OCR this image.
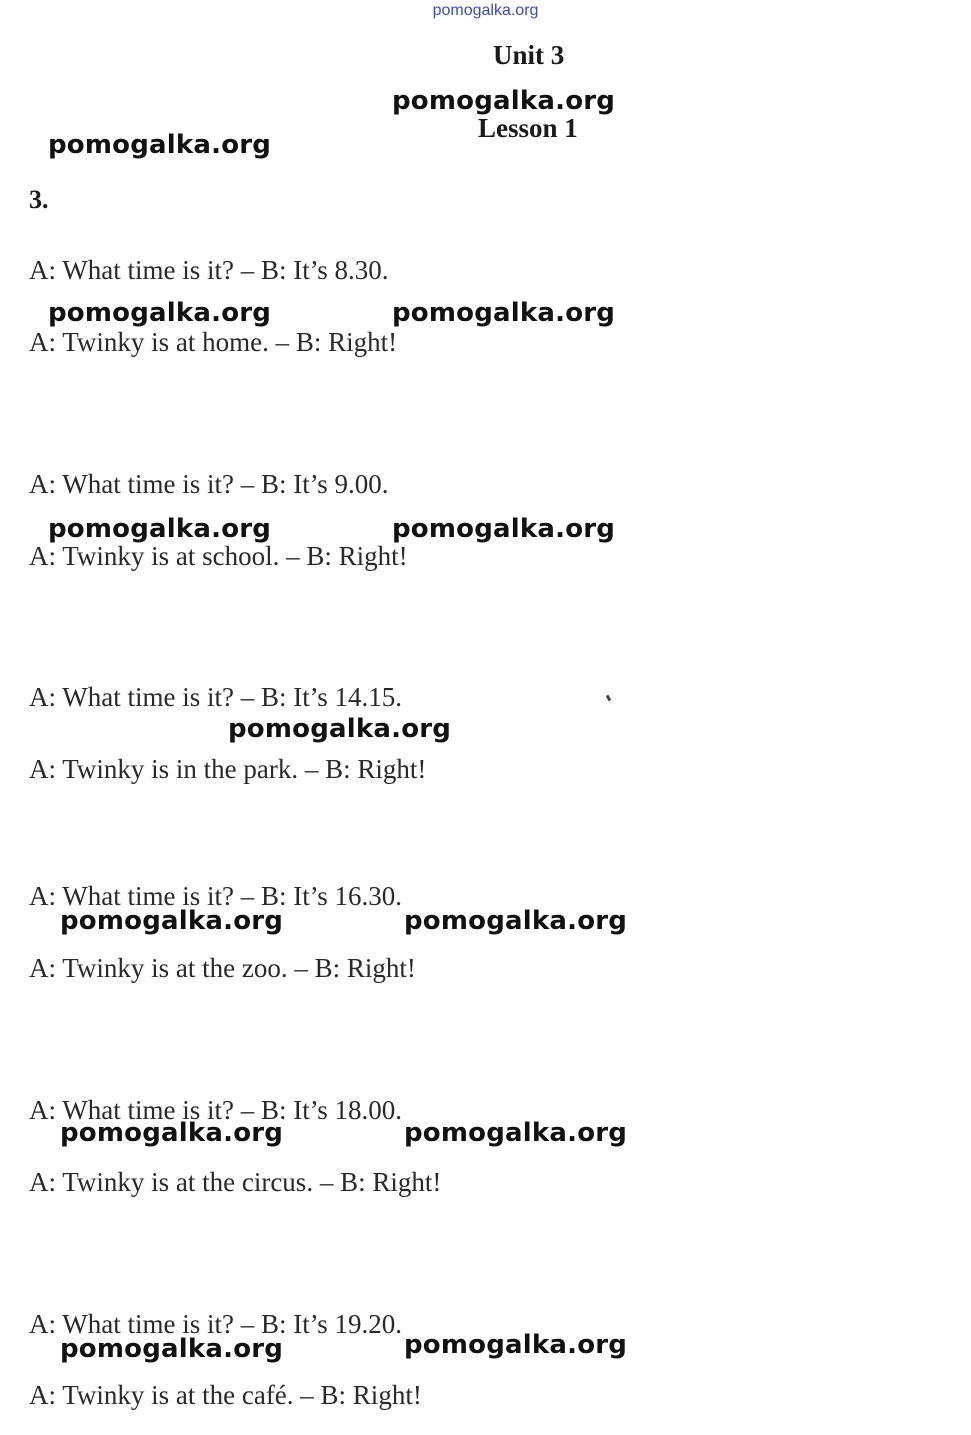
pomogalka.org
Unit 3
Lesson 1
3.
A: What time is it? – B: It’s 8.30.
A: Twinky is at home. – B: Right!
A: What time is it? – B: It’s 9.00.
A: Twinky is at school. – B: Right!
A: What time is it? – B: It’s 14.15.
A: Twinky is in the park. – B: Right!
A: What time is it? – B: It’s 16.30.
A: Twinky is at the zoo. – B: Right!
A: What time is it? – B: It’s 18.00.
A: Twinky is at the circus. – B: Right!
A: What time is it? – B: It’s 19.20.
A: Twinky is at the café. – B: Right!
pomogalka.org
pomogalka.org
pomogalka.org	pomogalka.org
pomogalka.org	pomogalka.org
pomogalka.org
pomogalka.org	pomogalka.org
pomogalka.org	pomogalka.org
pomogalka.org	pomogalka.org
